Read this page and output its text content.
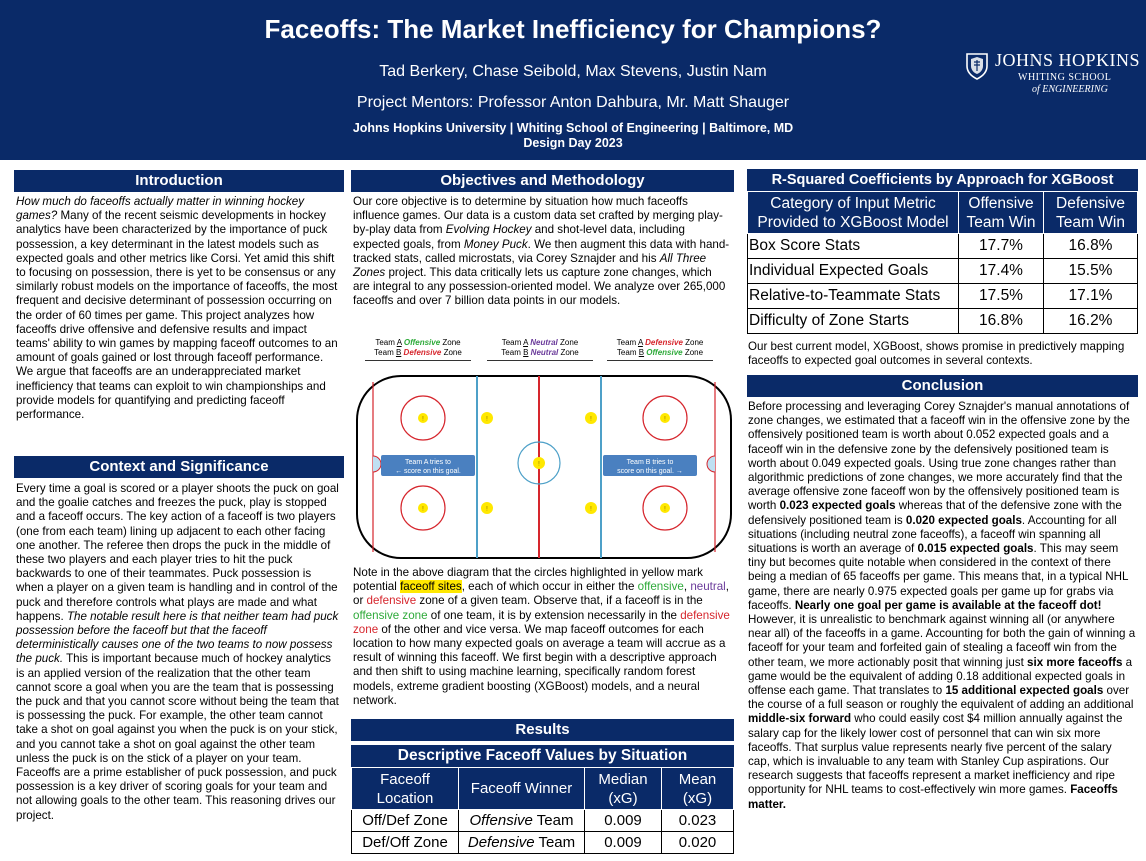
Faceoffs: The Market Inefficiency for Champions?
Tad Berkery, Chase Seibold, Max Stevens, Justin Nam
Project Mentors: Professor Anton Dahbura, Mr. Matt Shauger
Johns Hopkins University | Whiting School of Engineering | Baltimore, MD
Design Day 2023
JOHNS HOPKINS
WHITING SCHOOL
of ENGINEERING
Introduction

How much do faceoffs actually matter in winning hockey games? Many of the recent seismic developments in hockey analytics have been characterized by the importance of puck possession, a key determinant in the latest models such as expected goals and other metrics like Corsi. Yet amid this shift to focusing on possession, there is yet to be consensus or any similarly robust models on the importance of faceoffs, the most frequent and decisive determinant of possession occurring on the order of 60 times per game. This project analyzes how faceoffs drive offensive and defensive results and impact teams' ability to win games by mapping faceoff outcomes to an amount of goals gained or lost through faceoff performance. We argue that faceoffs are an underappreciated market inefficiency that teams can exploit to win championships and provide models for quantifying and predicting faceoff performance.

Context and Significance

Every time a goal is scored or a player shoots the puck on goal and the goalie catches and freezes the puck, play is stopped and a faceoff occurs. The key action of a faceoff is two players (one from each team) lining up adjacent to each other facing one another. The referee then drops the puck in the middle of these two players and each player tries to hit the puck backwards to one of their teammates. Puck possession is when a player on a given team is handling and in control of the puck and therefore controls what plays are made and what happens. The notable result here is that neither team had puck possession before the faceoff but that the faceoff deterministically causes one of the two teams to now possess the puck. This is important because much of hockey analytics is an applied version of the realization that the other team cannot score a goal when you are the team that is possessing the puck and that you cannot score without being the team that is possessing the puck. For example, the other team cannot take a shot on goal against you when the puck is on your stick, and you cannot take a shot on goal against the other team unless the puck is on the stick of a player on your team. Faceoffs are a prime establisher of puck possession, and puck possession is a key driver of scoring goals for your team and not allowing goals to the other team. This reasoning drives our project.

Objectives and Methodology

Our core objective is to determine by situation how much faceoffs influence games. Our data is a custom data set crafted by merging play-by-play data from Evolving Hockey and shot-level data, including expected goals, from Money Puck. We then augment this data with hand-tracked stats, called microstats, via Corey Sznajder and his All Three Zones project. This data critically lets us capture zone changes, which are integral to any possession-oriented model. We analyze over 265,000 faceoffs and over 7 billion data points in our models.

Team A Offensive Zone
Team B Defensive Zone
Team A Neutral Zone
Team B Neutral Zone
Team A Defensive Zone
Team B Offensive Zone
Team A tries to
← score on this goal.
Team B tries to
score on this goal. →
!
!
!
!
!
!
!
!
!

Note in the above diagram that the circles highlighted in yellow mark potential faceoff sites, each of which occur in either the offensive, neutral, or defensive zone of a given team. Observe that, if a faceoff is in the offensive zone of one team, it is by extension necessarily in the defensive zone of the other and vice versa. We map faceoff outcomes for each location to how many expected goals on average a team will accrue as a result of winning this faceoff. We first begin with a descriptive approach and then shift to using machine learning, specifically random forest models, extreme gradient boosting (XGBoost) models, and a neural network.

Results
Descriptive Faceoff Values by Situation
Faceoff Location	Faceoff Winner	Median (xG)	Mean (xG)
Off/Def Zone	Offensive Team	0.009	0.023
Def/Off Zone	Defensive Team	0.009	0.020
R-Squared Coefficients by Approach for XGBoost
Category of Input Metric Provided to XGBoost Model	Offensive Team Win	Defensive Team Win
Box Score Stats	17.7%	16.8%
Individual Expected Goals	17.4%	15.5%
Relative-to-Teammate Stats	17.5%	17.1%
Difficulty of Zone Starts	16.8%	16.2%
Our best current model, XGBoost, shows promise in predictively mapping faceoffs to expected goal outcomes in several contexts.
Conclusion

Before processing and leveraging Corey Sznajder's manual annotations of zone changes, we estimated that a faceoff win in the offensive zone by the offensively positioned team is worth about 0.052 expected goals and a faceoff win in the defensive zone by the defensively positioned team is worth about 0.049 expected goals. Using true zone changes rather than algorithmic predictions of zone changes, we more accurately find that the average offensive zone faceoff won by the offensively positioned team is worth 0.023 expected goals whereas that of the defensive zone with the defensively positioned team is 0.020 expected goals. Accounting for all situations (including neutral zone faceoffs), a faceoff win spanning all situations is worth an average of 0.015 expected goals. This may seem tiny but becomes quite notable when considered in the context of there being a median of 65 faceoffs per game. This means that, in a typical NHL game, there are nearly 0.975 expected goals per game up for grabs via faceoffs. Nearly one goal per game is available at the faceoff dot! However, it is unrealistic to benchmark against winning all (or anywhere near all) of the faceoffs in a game. Accounting for both the gain of winning a faceoff for your team and forfeited gain of stealing a faceoff win from the other team, we more actionably posit that winning just six more faceoffs a game would be the equivalent of adding 0.18 additional expected goals in offense each game. That translates to 15 additional expected goals over the course of a full season or roughly the equivalent of adding an additional middle-six forward who could easily cost $4 million annually against the salary cap for the likely lower cost of personnel that can win six more faceoffs. That surplus value represents nearly five percent of the salary cap, which is invaluable to any team with Stanley Cup aspirations. Our research suggests that faceoffs represent a market inefficiency and ripe opportunity for NHL teams to cost-effectively win more games. Faceoffs matter.
